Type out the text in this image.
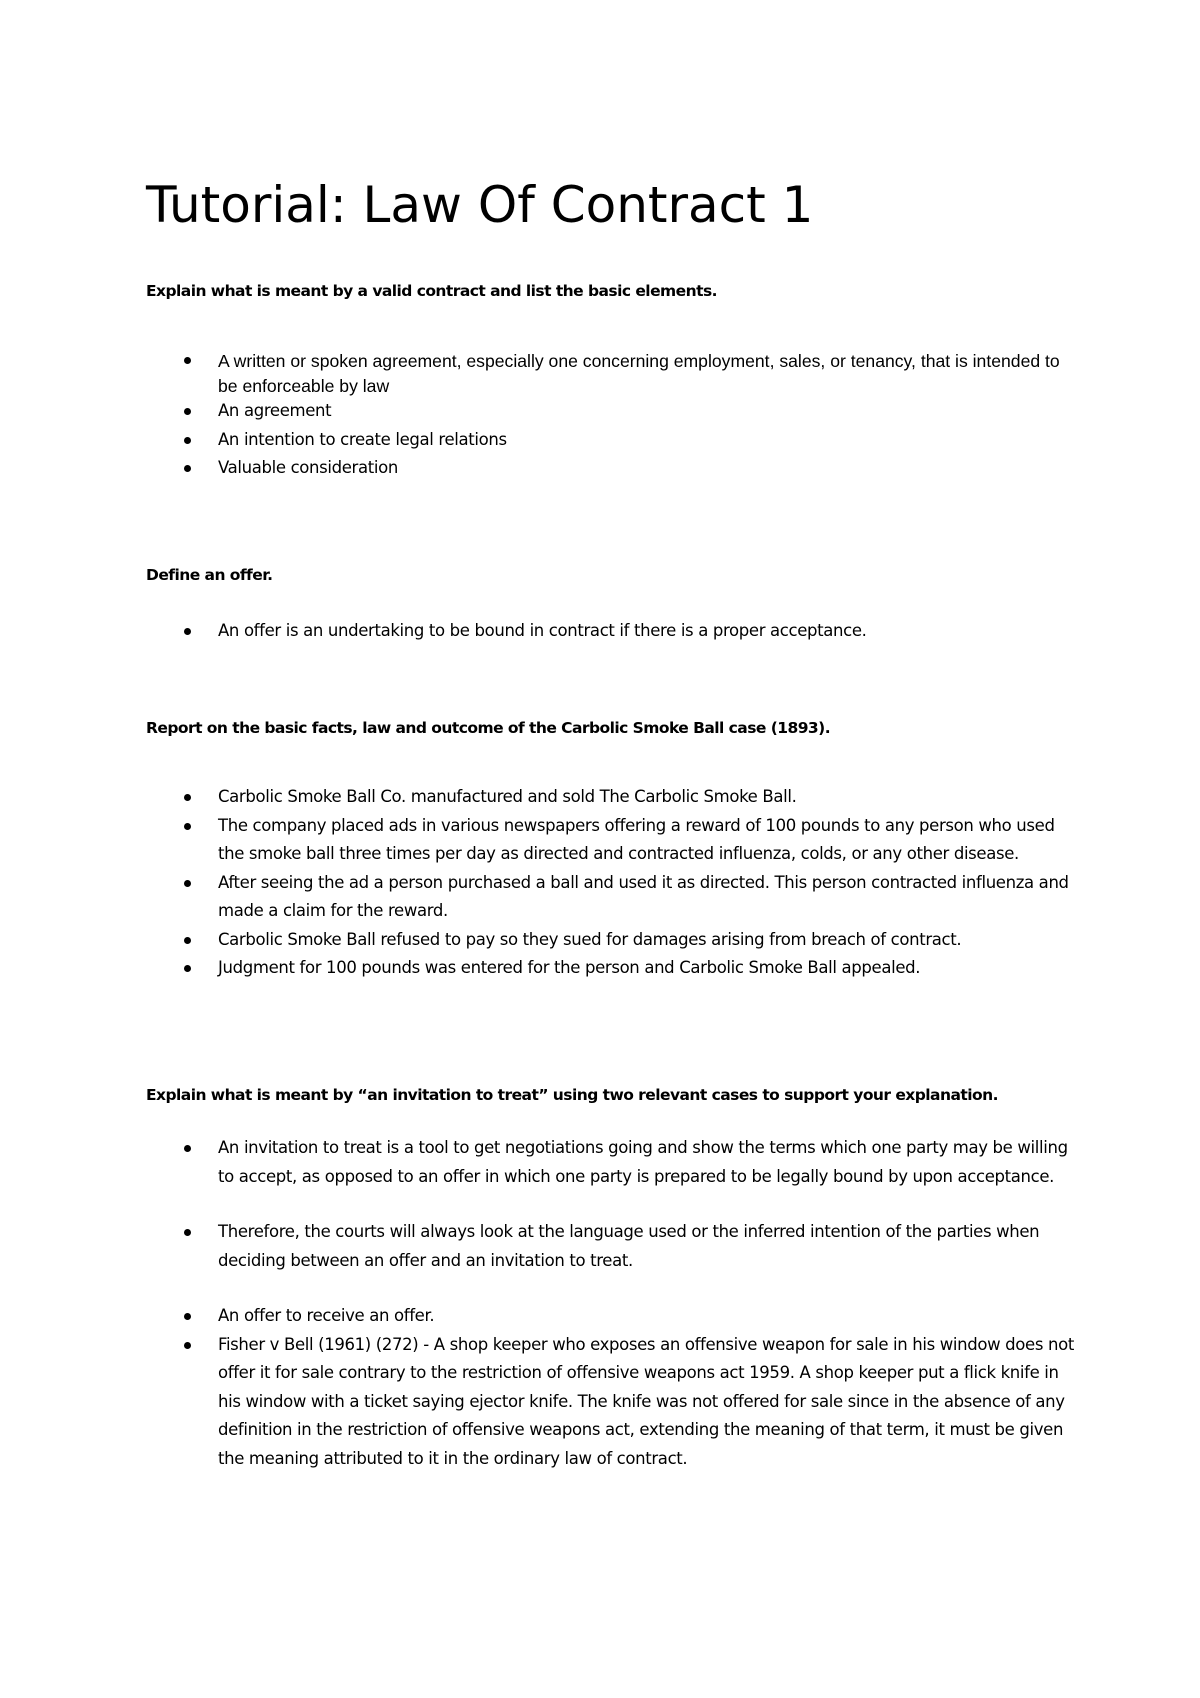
Tutorial: Law Of Contract 1
Explain what is meant by a valid contract and list the basic elements.
A written or spoken agreement, especially one concerning employment, sales, or tenancy, that is intended to be enforceable by law
An agreement
An intention to create legal relations
Valuable consideration
Define an offer.
An offer is an undertaking to be bound in contract if there is a proper acceptance.
Report on the basic facts, law and outcome of the Carbolic Smoke Ball case (1893).
Carbolic Smoke Ball Co. manufactured and sold The Carbolic Smoke Ball.
The company placed ads in various newspapers offering a reward of 100 pounds to any person who used the smoke ball three times per day as directed and contracted influenza, colds, or any other disease.
After seeing the ad a person purchased a ball and used it as directed. This person contracted influenza and made a claim for the reward.
Carbolic Smoke Ball refused to pay so they sued for damages arising from breach of contract.
Judgment for 100 pounds was entered for the person and Carbolic Smoke Ball appealed.
Explain what is meant by “an invitation to treat” using two relevant cases to support your explanation.
An invitation to treat is a tool to get negotiations going and show the terms which one party may be willing to accept, as opposed to an offer in which one party is prepared to be legally bound by upon acceptance.
Therefore, the courts will always look at the language used or the inferred intention of the parties when deciding between an offer and an invitation to treat.
An offer to receive an offer.
Fisher v Bell (1961) (272) - A shop keeper who exposes an offensive weapon for sale in his window does not offer it for sale contrary to the restriction of offensive weapons act 1959. A shop keeper put a flick knife in his window with a ticket saying ejector knife. The knife was not offered for sale since in the absence of any definition in the restriction of offensive weapons act, extending the meaning of that term, it must be given the meaning attributed to it in the ordinary law of contract.
